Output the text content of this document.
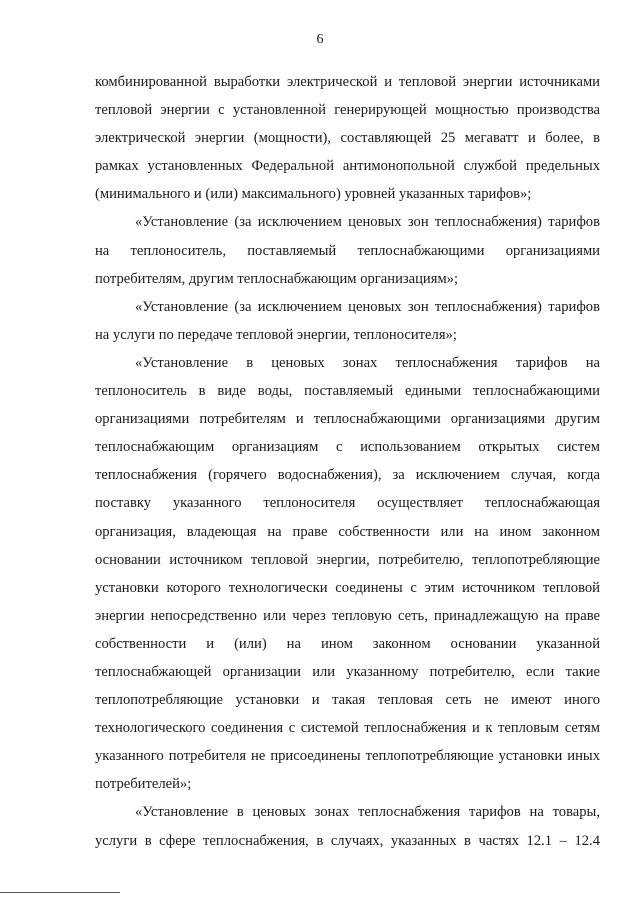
6

комбинированной выработки электрической и тепловой энергии источниками тепловой энергии с установленной генерирующей мощностью производства электрической энергии (мощности), составляющей 25 мегаватт и более, в рамках установленных Федеральной антимонопольной службой предельных (минимального и (или) максимального) уровней указанных тарифов»;

«Установление (за исключением ценовых зон теплоснабжения) тарифов на теплоноситель, поставляемый теплоснабжающими организациями потребителям, другим теплоснабжающим организациям»;

«Установление (за исключением ценовых зон теплоснабжения) тарифов на услуги по передаче тепловой энергии, теплоносителя»;

«Установление в ценовых зонах теплоснабжения тарифов на теплоноситель в виде воды, поставляемый едиными теплоснабжающими организациями потребителям и теплоснабжающими организациями другим теплоснабжающим организациям с использованием открытых систем теплоснабжения (горячего водоснабжения), за исключением случая, когда поставку указанного теплоносителя осуществляет теплоснабжающая организация, владеющая на праве собственности или на ином законном основании источником тепловой энергии, потребителю, теплопотребляющие установки которого технологически соединены с этим источником тепловой энергии непосредственно или через тепловую сеть, принадлежащую на праве собственности и (или) на ином законном основании указанной теплоснабжающей организации или указанному потребителю, если такие теплопотребляющие установки и такая тепловая сеть не имеют иного технологического соединения с системой теплоснабжения и к тепловым сетям указанного потребителя не присоединены теплопотребляющие установки иных потребителей»;

«Установление в ценовых зонах теплоснабжения тарифов на товары, услуги в сфере теплоснабжения, в случаях, указанных в частях 12.1 – 12.4
